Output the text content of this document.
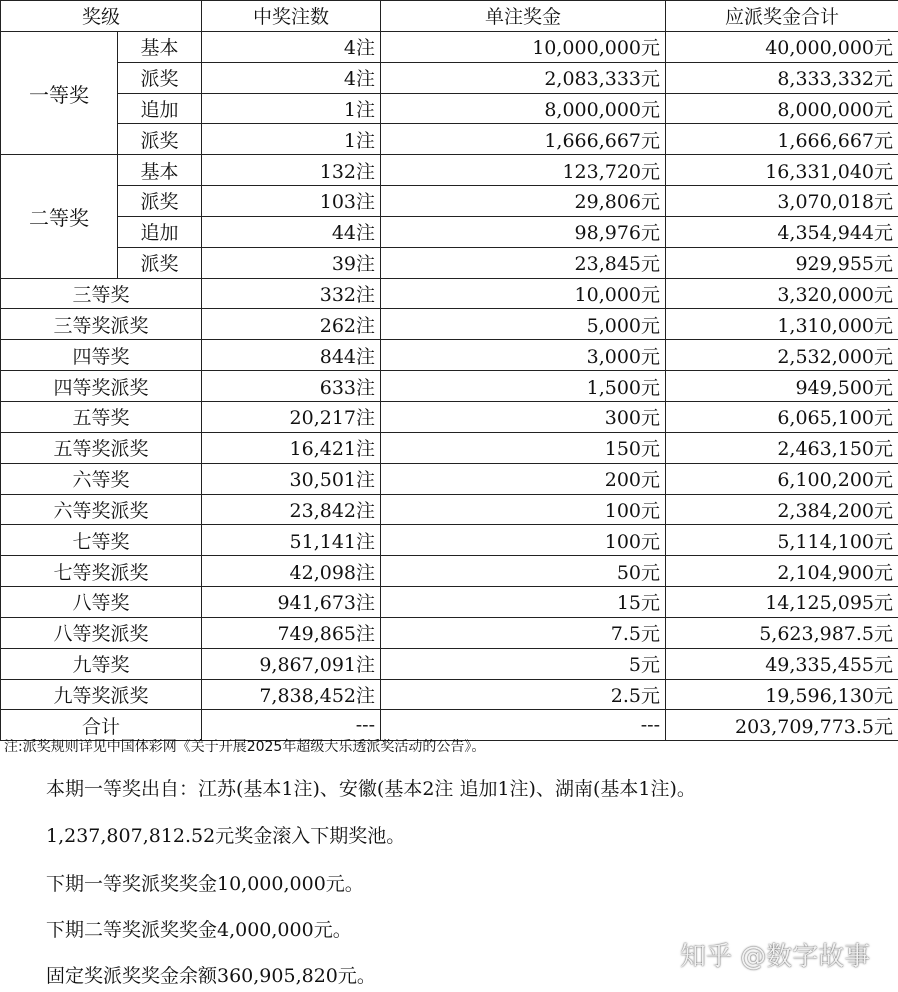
奖级		中奖注数	单注奖金	应派奖金合计
一等奖	基本	4注	10,000,000元	40,000,000元
	派奖	4注	2,083,333元	8,333,332元
	追加	1注	8,000,000元	8,000,000元
	派奖	1注	1,666,667元	1,666,667元
二等奖	基本	132注	123,720元	16,331,040元
	派奖	103注	29,806元	3,070,018元
	追加	44注	98,976元	4,354,944元
	派奖	39注	23,845元	929,955元
三等奖		332注	10,000元	3,320,000元
三等奖派奖		262注	5,000元	1,310,000元
四等奖		844注	3,000元	2,532,000元
四等奖派奖		633注	1,500元	949,500元
五等奖		20,217注	300元	6,065,100元
五等奖派奖		16,421注	150元	2,463,150元
六等奖		30,501注	200元	6,100,200元
六等奖派奖		23,842注	100元	2,384,200元
七等奖		51,141注	100元	5,114,100元
七等奖派奖		42,098注	50元	2,104,900元
八等奖		941,673注	15元	14,125,095元
八等奖派奖		749,865注	7.5元	5,623,987.5元
九等奖		9,867,091注	5元	49,335,455元
九等奖派奖		7,838,452注	2.5元	19,596,130元
合计		---	---	203,709,773.5元
注:派奖规则详见中国体彩网《关于开展2025年超级大乐透派奖活动的公告》。
本期一等奖出自：江苏(基本1注)、安徽(基本2注 追加1注)、湖南(基本1注)。
1,237,807,812.52元奖金滚入下期奖池。
下期一等奖派奖奖金10,000,000元。
下期二等奖派奖奖金4,000,000元。
固定奖派奖奖金余额360,905,820元。
知乎 @数字故事
